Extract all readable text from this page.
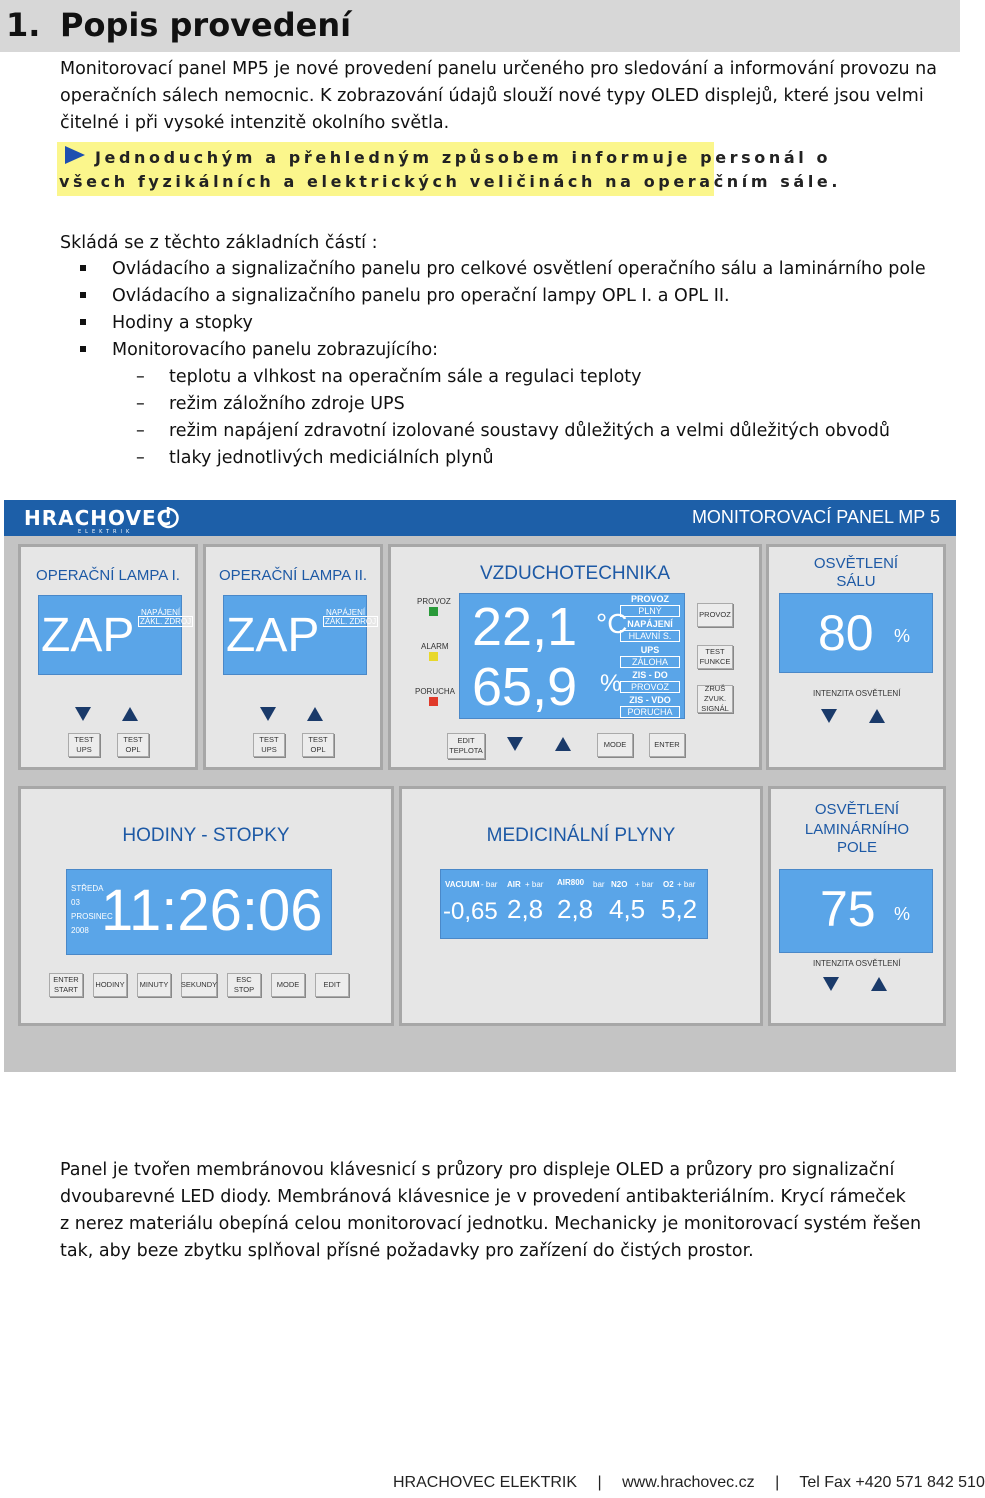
1. Popis provedení
Monitorovací panel MP5 je nové provedení panelu určeného pro sledování a informování provozu na
operačních sálech nemocnic. K zobrazování údajů slouží nové typy OLED displejů, které jsou velmi
čitelné i při vysoké intenzitě okolního světla.
Jednoduchým a přehledným způsobem informuje personál o
všech fyzikálních a elektrických veličinách na operačním sále.
Skládá se z těchto základních částí :
Ovládacího a signalizačního panelu pro celkové osvětlení operačního sálu a laminárního pole
Ovládacího a signalizačního panelu pro operační lampy OPL I. a OPL II.
Hodiny a stopky
Monitorovacího panelu zobrazujícího:
– teplotu a vlhkost na operačním sále a regulaci teploty
– režim záložního zdroje UPS
– režim napájení zdravotní izolované soustavy důležitých a velmi důležitých obvodů
– tlaky jednotlivých mediciálních plynů
HRACHOVEC
ELEKTRIK
MONITOROVACÍ PANEL MP 5
OPERAČNÍ LAMPA I.
ZAP NAPÁJENÍ
ZÁKL. ZDROJ
TEST UPS
TEST OPL
OPERAČNÍ LAMPA II.
ZAP NAPÁJENÍ
ZÁKL. ZDROJ
TEST UPS
TEST OPL
VZDUCHOTECHNIKA
PROVOZ
ALARM
PORUCHA
22,1 °C
65,9 %
PROVOZ
PLNÝ
NAPÁJENÍ
HLAVNÍ S.
UPS
ZÁLOHA
ZIS - DO
PROVOZ
ZIS - VDO
PORUCHA
PROVOZ
TEST FUNKCE
ZRUŠ ZVUK. SIGNÁL
EDIT TEPLOTA
MODE	ENTER
OSVĚTLENÍ
SÁLU
80 %
INTENZITA OSVĚTLENÍ
HODINY - STOPKY
STŘEDA
03
PROSINEC
2008 11:26:06
ENTER START
HODINY	MINUTY	SEKUNDY
ESC STOP
MODE	EDIT
MEDICINÁLNÍ PLYNY
VACUUM - bar
-0,65
AIR + bar
2,8
AIR800 bar
2,8
N2O + bar
4,5
O2 + bar
5,2
OSVĚTLENÍ
LAMINÁRNÍHO
POLE
75 %
INTENZITA OSVĚTLENÍ
Panel je tvořen membránovou klávesnicí s průzory pro displeje OLED a průzory pro signalizační
dvoubarevné LED diody. Membránová klávesnice je v provedení antibakteriálním. Krycí rámeček
z nerez materiálu obepíná celou monitorovací jednotku. Mechanicky je monitorovací systém řešen
tak, aby beze zbytku splňoval přísné požadavky pro zařízení do čistých prostor.
HRACHOVEC ELEKTRIK | www.hrachovec.cz | Tel Fax +420 571 842 510
